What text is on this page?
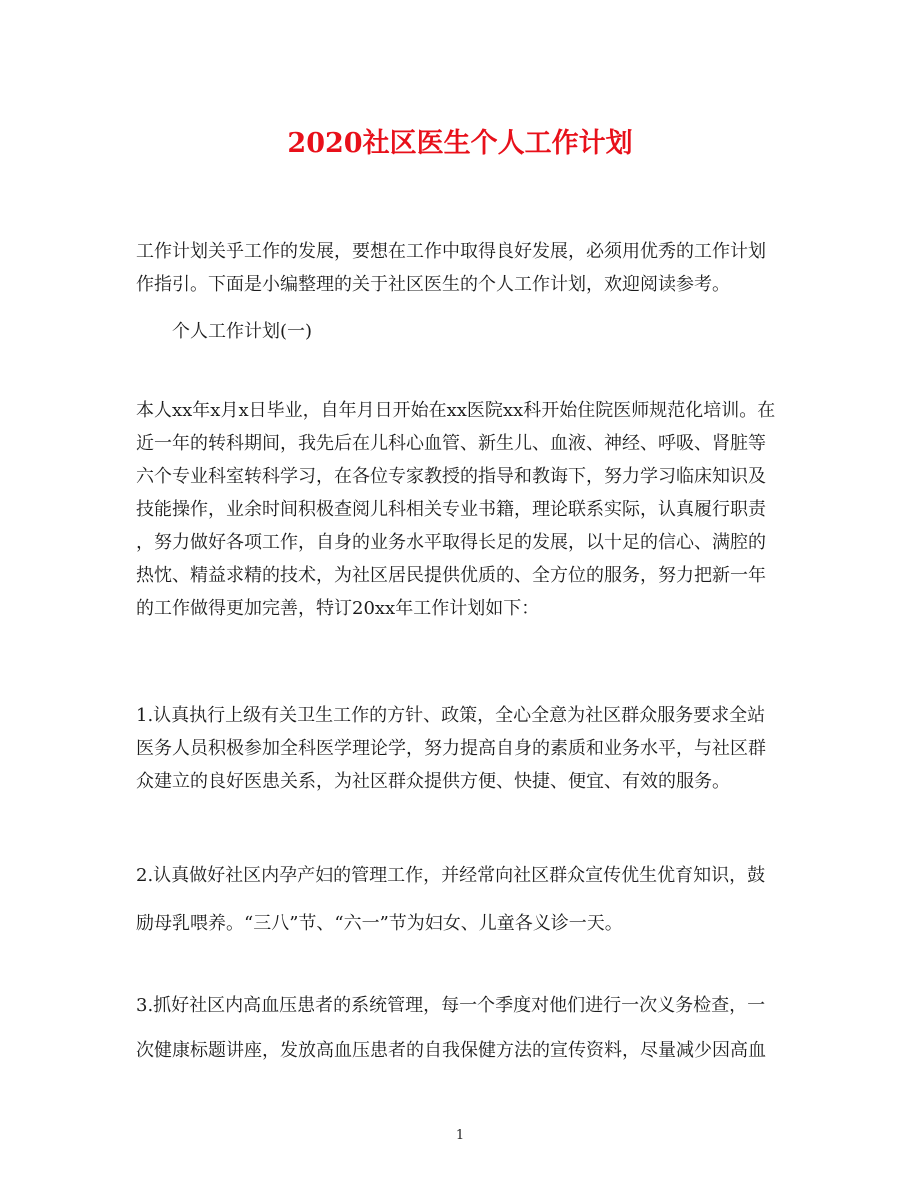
2020社区医生个人工作计划

工作计划关乎工作的发展，要想在工作中取得良好发展，必须用优秀的工作计划
作指引。下面是小编整理的关于社区医生的个人工作计划，欢迎阅读参考。

个人工作计划(一)

本人xx年x月x日毕业，自年月日开始在xx医院xx科开始住院医师规范化培训。在
近一年的转科期间，我先后在儿科心血管、新生儿、血液、神经、呼吸、肾脏等
六个专业科室转科学习，在各位专家教授的指导和教诲下，努力学习临床知识及
技能操作，业余时间积极查阅儿科相关专业书籍，理论联系实际，认真履行职责
，努力做好各项工作，自身的业务水平取得长足的发展，以十足的信心、满腔的
热忱、精益求精的技术，为社区居民提供优质的、全方位的服务，努力把新一年
的工作做得更加完善，特订20xx年工作计划如下：

1.认真执行上级有关卫生工作的方针、政策，全心全意为社区群众服务要求全站
医务人员积极参加全科医学理论学，努力提高自身的素质和业务水平，与社区群
众建立的良好医患关系，为社区群众提供方便、快捷、便宜、有效的服务。

2.认真做好社区内孕产妇的管理工作，并经常向社区群众宣传优生优育知识，鼓
励母乳喂养。“三八”节、“六一”节为妇女、儿童各义诊一天。

3.抓好社区内高血压患者的系统管理，每一个季度对他们进行一次义务检查，一
次健康标题讲座，发放高血压患者的自我保健方法的宣传资料，尽量减少因高血

1
